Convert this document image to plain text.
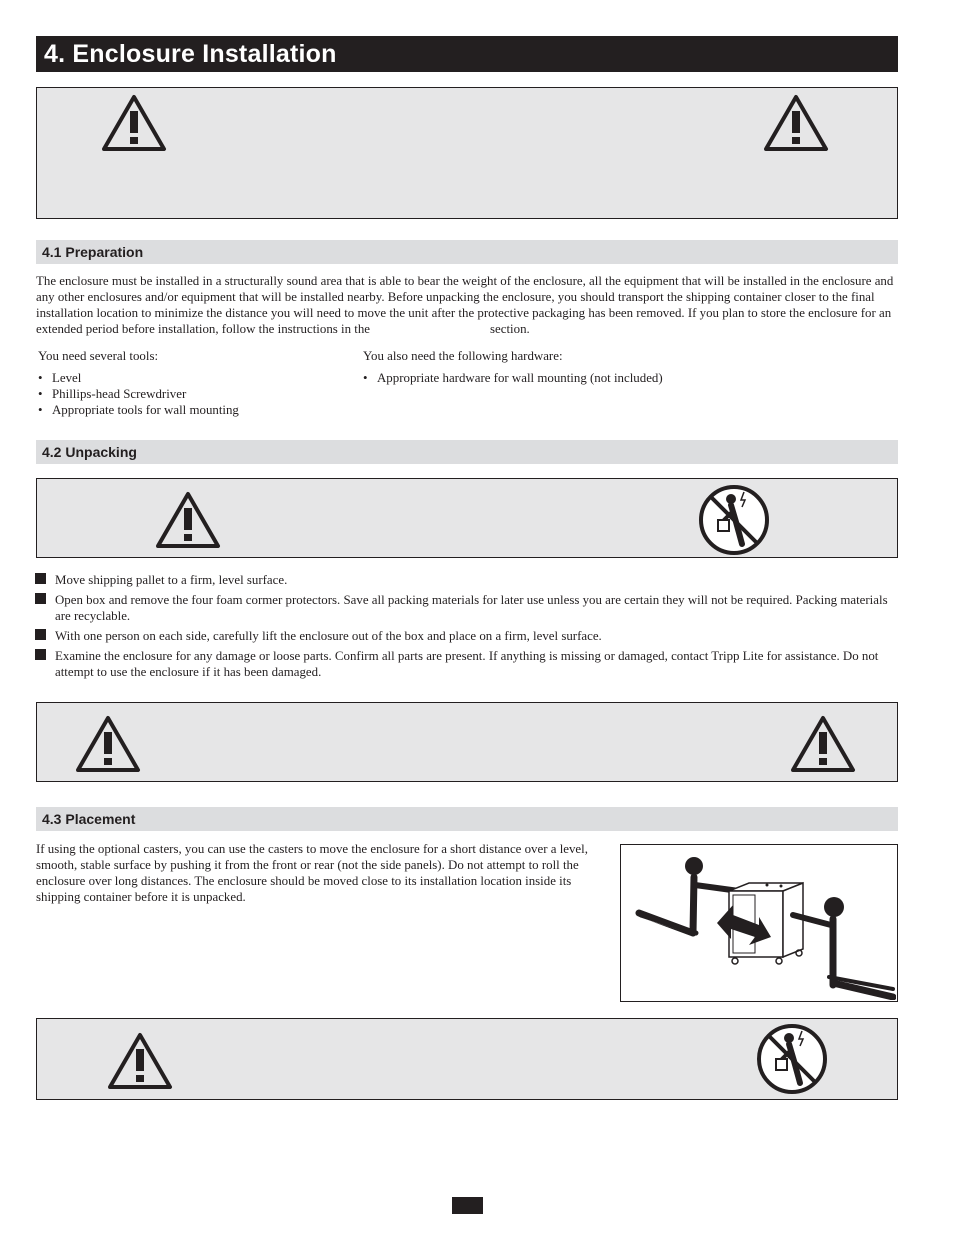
4. Enclosure Installation
4.1 Preparation
The enclosure must be installed in a structurally sound area that is able to bear the weight of the enclosure, all the equipment that will be installed in the enclosure and any other enclosures and/or equipment that will be installed nearby. Before unpacking the enclosure, you should transport the shipping container closer to the final installation location to minimize the distance you will need to move the unit after the protective packaging has been removed. If you plan to store the enclosure for an extended period before installation, follow the instructions in the	section.
You need several tools:
• Level
• Phillips-head Screwdriver
• Appropriate tools for wall mounting
You also need the following hardware:
• Appropriate hardware for wall mounting (not included)
4.2 Unpacking
Move shipping pallet to a firm, level surface.
Open box and remove the four foam cormer protectors. Save all packing materials for later use unless you are certain they will not be required. Packing materials are recyclable.
With one person on each side, carefully lift the enclosure out of the box and place on a firm, level surface.
Examine the enclosure for any damage or loose parts. Confirm all parts are present. If anything is missing or damaged, contact Tripp Lite for assistance. Do not attempt to use the enclosure if it has been damaged.
4.3 Placement
If using the optional casters, you can use the casters to move the enclosure for a short distance over a level, smooth, stable surface by pushing it from the front or rear (not the side panels). Do not attempt to roll the enclosure over long distances. The enclosure should be moved close to its installation location inside its shipping container before it is unpacked.
